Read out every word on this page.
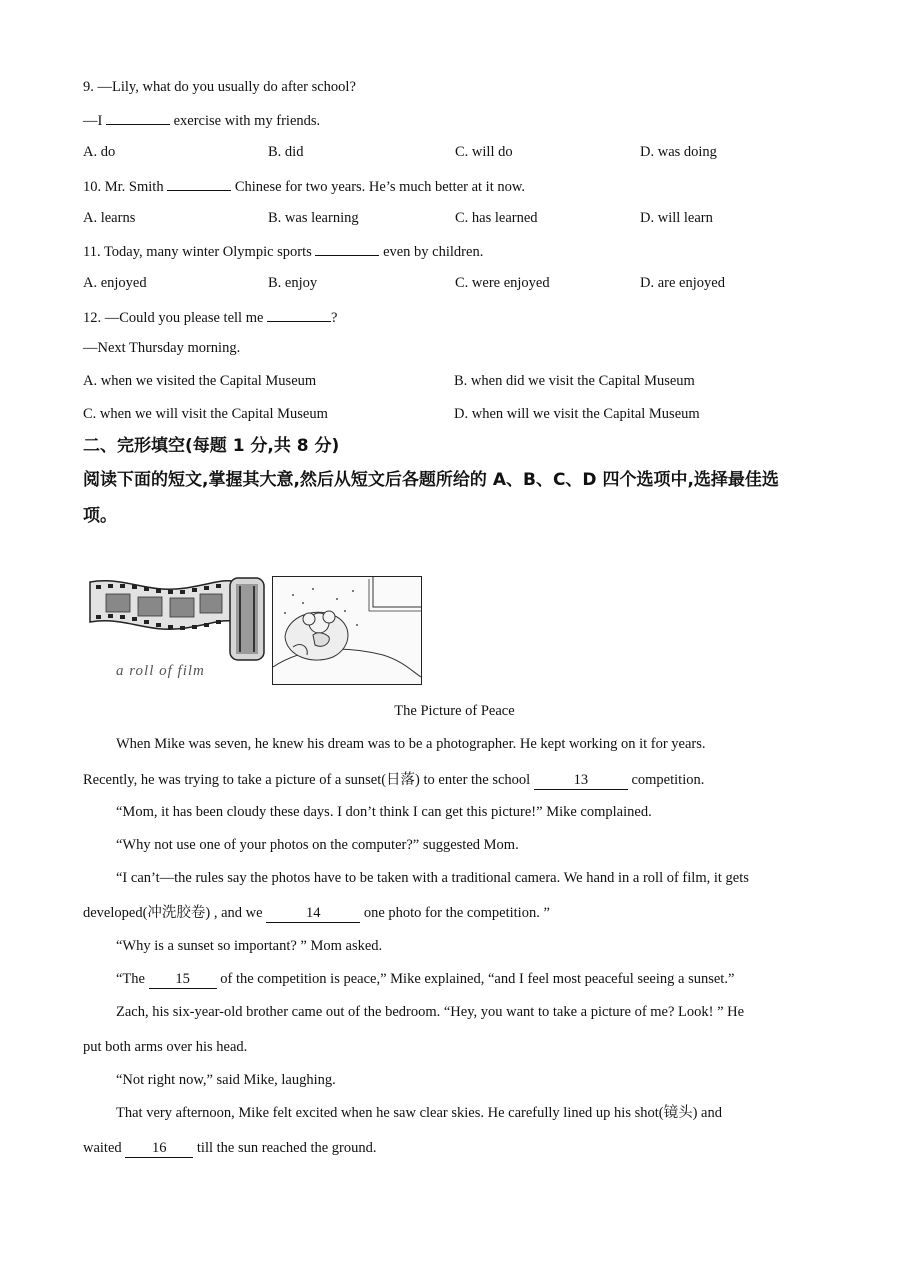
9. —Lily, what do you usually do after school?
—I	exercise with my friends.
A. do	B. did	C. will do	D. was doing
10. Mr. Smith	Chinese for two years. He’s much better at it now.
A. learns	B. was learning	C. has learned	D. will learn
11. Today, many winter Olympic sports	even by children.
A. enjoyed	B. enjoy	C. were enjoyed	D. are enjoyed
12. —Could you please tell me	?
—Next Thursday morning.
A. when we visited the Capital Museum	B. when did we visit the Capital Museum
C. when we will visit the Capital Museum	D. when will we visit the Capital Museum
二、完形填空(每题 1 分,共 8 分)
阅读下面的短文,掌握其大意,然后从短文后各题所给的 A、B、C、D 四个选项中,选择最佳选
项。
a roll of film
The Picture of Peace
When Mike was seven, he knew his dream was to be a photographer. He kept working on it for years.
Recently, he was trying to take a picture of a sunset(日落) to enter the school	13	competition.
“Mom, it has been cloudy these days. I don’t think I can get this picture!” Mike complained.
“Why not use one of your photos on the computer?” suggested Mom.
“I can’t—the rules say the photos have to be taken with a traditional camera. We hand in a roll of film, it gets
developed(冲洗胶卷) , and we	14	one photo for the competition. ”
“Why is a sunset so important? ” Mom asked.
“The 15 of the competition is peace,” Mike explained, “and I feel most peaceful seeing a sunset.”
Zach, his six-year-old brother came out of the bedroom. “Hey, you want to take a picture of me? Look! ” He
put both arms over his head.
“Not right now,” said Mike, laughing.
That very afternoon, Mike felt excited when he saw clear skies. He carefully lined up his shot(镜头) and
waited 16 till the sun reached the ground.
